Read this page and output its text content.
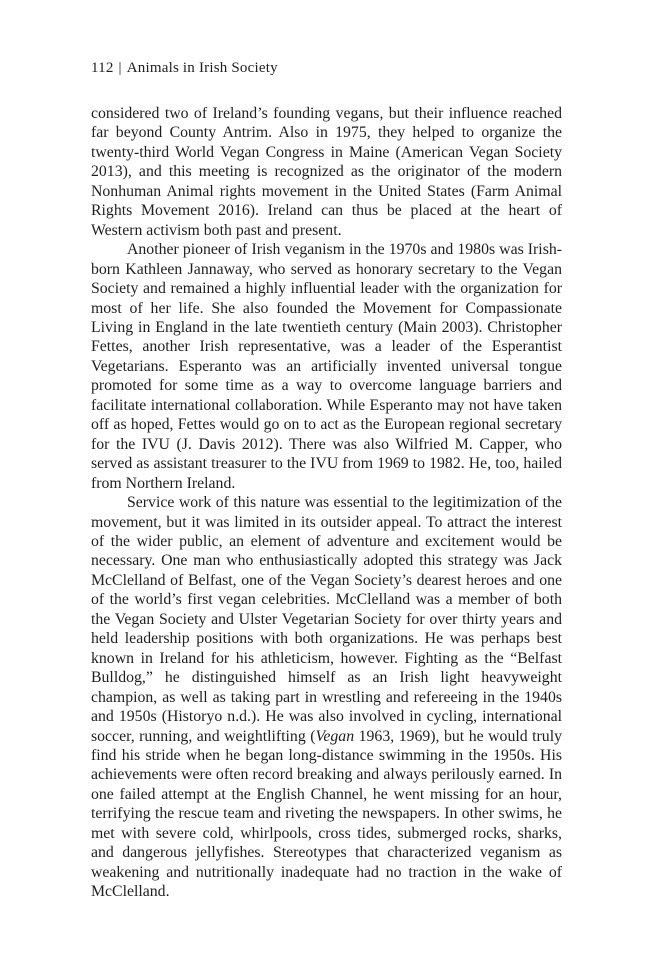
112 | Animals in Irish Society

considered two of Ireland’s founding vegans, but their influence reached far beyond County Antrim. Also in 1975, they helped to organize the twenty-third World Vegan Congress in Maine (American Vegan Society 2013), and this meeting is recognized as the originator of the modern Nonhuman Animal rights movement in the United States (Farm Animal Rights Movement 2016). Ireland can thus be placed at the heart of Western activism both past and present.

Another pioneer of Irish veganism in the 1970s and 1980s was Irish-born Kathleen Jannaway, who served as honorary secretary to the Vegan Society and remained a highly influential leader with the organization for most of her life. She also founded the Movement for Compassionate Living in England in the late twentieth century (Main 2003). Christopher Fettes, another Irish representative, was a leader of the Esperantist Vegetarians. Esperanto was an artificially invented universal tongue promoted for some time as a way to overcome language barriers and facilitate international collaboration. While Esperanto may not have taken off as hoped, Fettes would go on to act as the European regional secretary for the IVU (J. Davis 2012). There was also Wilfried M. Capper, who served as assistant treasurer to the IVU from 1969 to 1982. He, too, hailed from Northern Ireland.

Service work of this nature was essential to the legitimization of the movement, but it was limited in its outsider appeal. To attract the interest of the wider public, an element of adventure and excitement would be necessary. One man who enthusiastically adopted this strategy was Jack McClelland of Belfast, one of the Vegan Society’s dearest heroes and one of the world’s first vegan celebrities. McClelland was a member of both the Vegan Society and Ulster Vegetarian Society for over thirty years and held leadership positions with both organizations. He was perhaps best known in Ireland for his athleticism, however. Fighting as the “Belfast Bulldog,” he distinguished himself as an Irish light heavyweight champion, as well as taking part in wrestling and refereeing in the 1940s and 1950s (Historyo n.d.). He was also involved in cycling, international soccer, running, and weightlifting (Vegan 1963, 1969), but he would truly find his stride when he began long-distance swimming in the 1950s. His achievements were often record breaking and always perilously earned. In one failed attempt at the English Channel, he went missing for an hour, terrifying the rescue team and riveting the newspapers. In other swims, he met with severe cold, whirlpools, cross tides, submerged rocks, sharks, and dangerous jellyfishes. Stereotypes that characterized veganism as weakening and nutritionally inadequate had no traction in the wake of McClelland.
